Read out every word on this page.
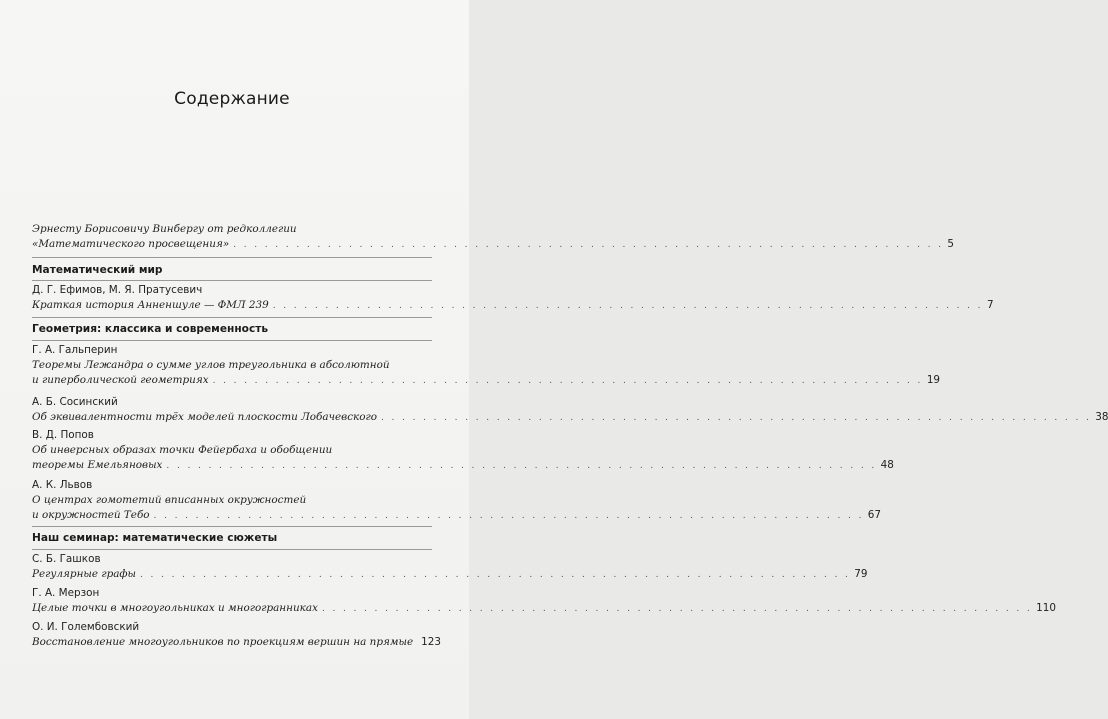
Содержание
Эрнесту Борисовичу Винбергу от редколлегии
«Математического просвещения» . . . . . . . . . . . . . . . . . . . . . . . . . . . . . . . . . . . . . . . . . . . . . . . . . . . . . . . . . . . . . . . . . . . . 5
Математический мир
Д. Г. Ефимов, М. Я. Пратусевич
Краткая история Анненшуле — ФМЛ 239 . . . . . . . . . . . . . . . . . . . . . . . . . . . . . . . . . . . . . . . . . . . . . . . . . . . . . . . . . . . . . . . . . . . . 7
Геометрия: классика и современность
Г. А. Гальперин
Теоремы Лежандра о сумме углов треугольника в абсолютной
и гиперболической геометриях . . . . . . . . . . . . . . . . . . . . . . . . . . . . . . . . . . . . . . . . . . . . . . . . . . . . . . . . . . . . . . . . . . . . 19
А. Б. Сосинский
Об эквивалентности трёх моделей плоскости Лобачевского . . . . . . . . . . . . . . . . . . . . . . . . . . . . . . . . . . . . . . . . . . . . . . . . . . . . . . . . . . . . . . . . . . . . 38
В. Д. Попов
Об инверсных образах точки Фейербаха и обобщении
теоремы Емельяновых . . . . . . . . . . . . . . . . . . . . . . . . . . . . . . . . . . . . . . . . . . . . . . . . . . . . . . . . . . . . . . . . . . . . 48
А. К. Львов
О центрах гомотетий вписанных окружностей
и окружностей Тебо . . . . . . . . . . . . . . . . . . . . . . . . . . . . . . . . . . . . . . . . . . . . . . . . . . . . . . . . . . . . . . . . . . . . 67
Наш семинар: математические сюжеты
С. Б. Гашков
Регулярные графы . . . . . . . . . . . . . . . . . . . . . . . . . . . . . . . . . . . . . . . . . . . . . . . . . . . . . . . . . . . . . . . . . . . . 79
Г. А. Мерзон
Целые точки в многоугольниках и многогранниках . . . . . . . . . . . . . . . . . . . . . . . . . . . . . . . . . . . . . . . . . . . . . . . . . . . . . . . . . . . . . . . . . . . . 110
О. И. Голембовский
Восстановление многоугольников по проекциям вершин на прямые 123
